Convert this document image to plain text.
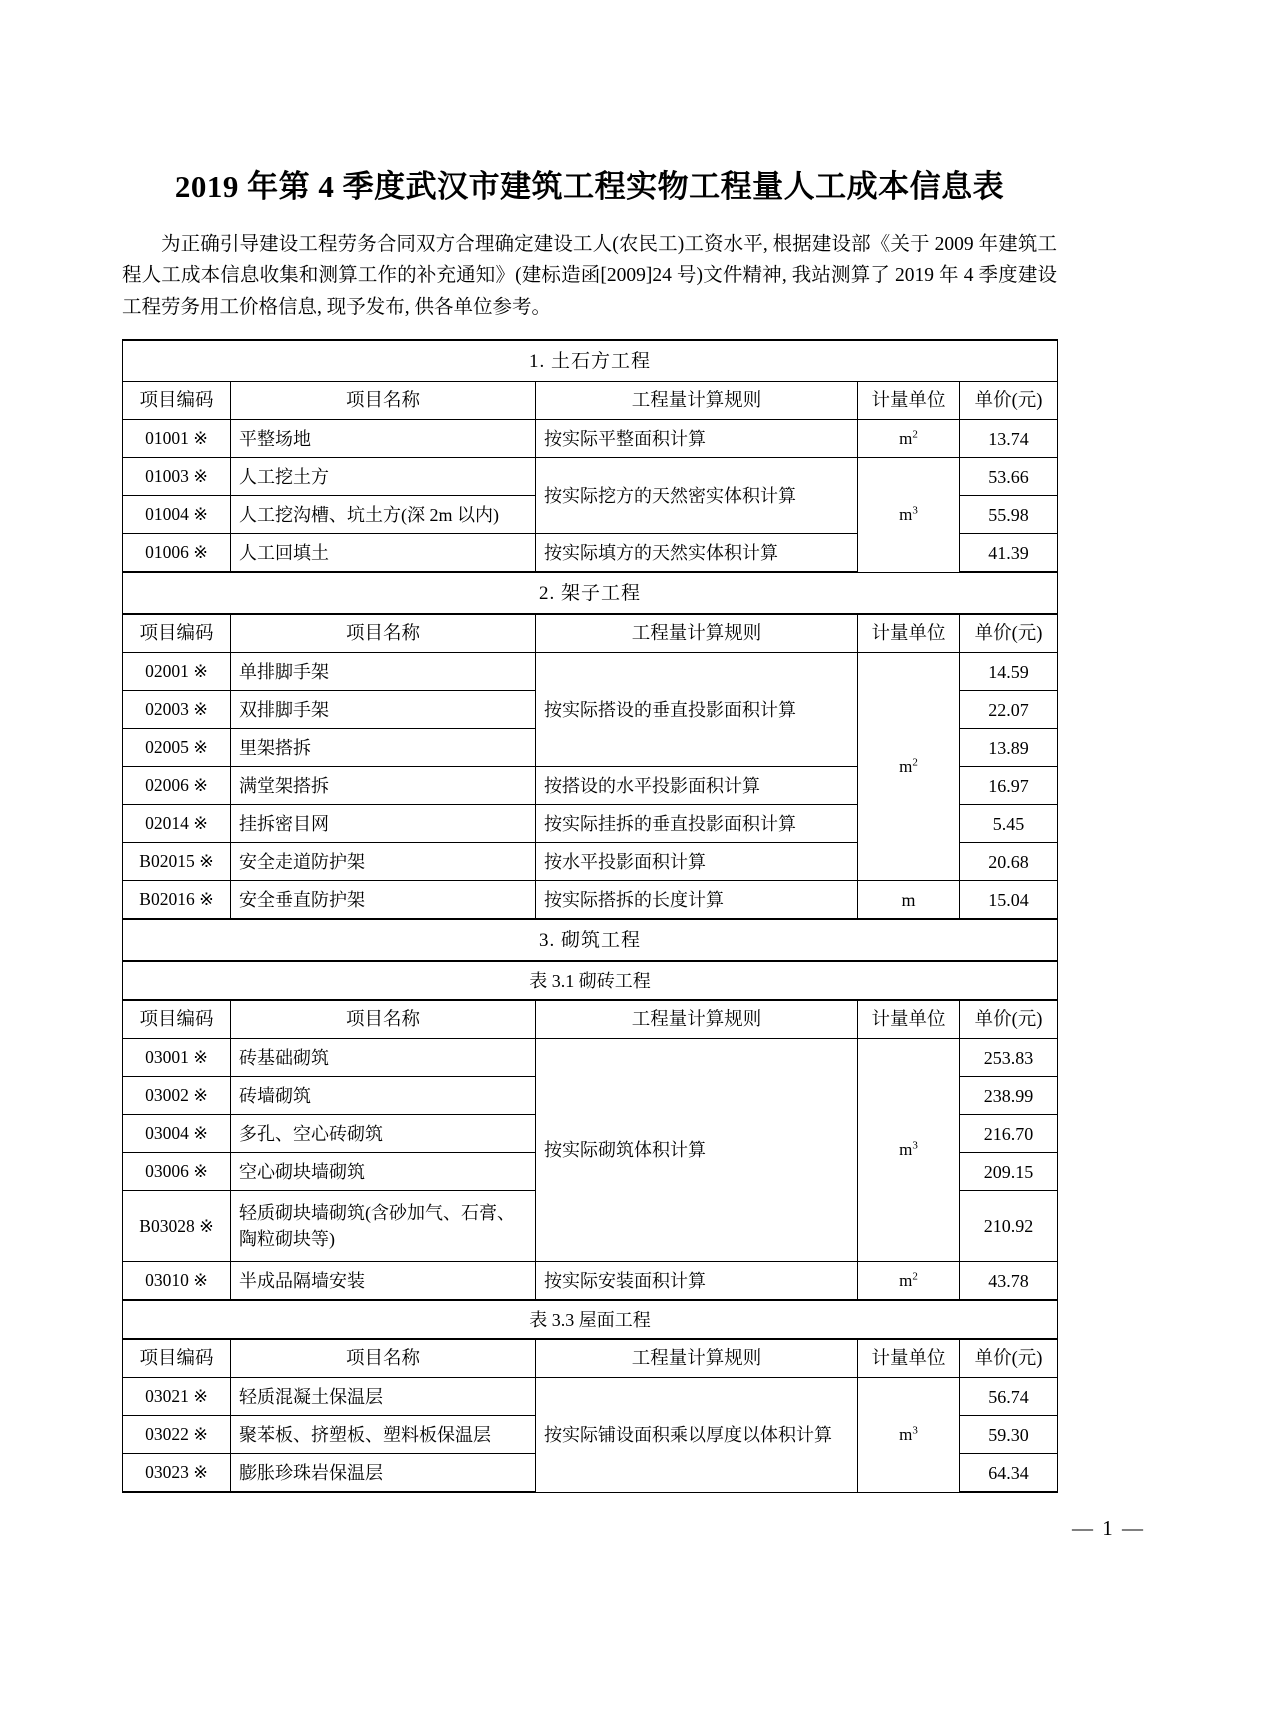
2019 年第 4 季度武汉市建筑工程实物工程量人工成本信息表

为正确引导建设工程劳务合同双方合理确定建设工人(农民工)工资水平, 根据建设部《关于 2009 年建筑工程人工成本信息收集和测算工作的补充通知》(建标造函[2009]24 号)文件精神, 我站测算了 2019 年 4 季度建设工程劳务用工价格信息, 现予发布, 供各单位参考。

1. 土石方工程				
项目编码	项目名称	工程量计算规则	计量单位	单价(元)
01001 ※	平整场地	按实际平整面积计算	$m^2$	13.74
01003 ※	人工挖土方	按实际挖方的天然密实体积计算	$m^3$	53.66
01004 ※	人工挖沟槽、坑土方(深 2m 以内)			55.98
01006 ※	人工回填土	按实际填方的天然实体积计算		41.39
2. 架子工程				
项目编码	项目名称	工程量计算规则	计量单位	单价(元)
02001 ※	单排脚手架	按实际搭设的垂直投影面积计算	$m^2$	14.59
02003 ※	双排脚手架			22.07
02005 ※	里架搭拆			13.89
02006 ※	满堂架搭拆	按搭设的水平投影面积计算		16.97
02014 ※	挂拆密目网	按实际挂拆的垂直投影面积计算		5.45
B02015 ※	安全走道防护架	按水平投影面积计算		20.68
B02016 ※	安全垂直防护架	按实际搭拆的长度计算	m	15.04
3. 砌筑工程				
表 3.1 砌砖工程				
项目编码	项目名称	工程量计算规则	计量单位	单价(元)
03001 ※	砖基础砌筑	按实际砌筑体积计算	$m^3$	253.83
03002 ※	砖墙砌筑			238.99
03004 ※	多孔、空心砖砌筑			216.70
03006 ※	空心砌块墙砌筑			209.15
B03028 ※	轻质砌块墙砌筑(含砂加气、石膏、陶粒砌块等)			210.92
03010 ※	半成品隔墙安装	按实际安装面积计算	$m^2$	43.78
表 3.3 屋面工程				
项目编码	项目名称	工程量计算规则	计量单位	单价(元)
03021 ※	轻质混凝土保温层	按实际铺设面积乘以厚度以体积计算	$m^3$	56.74
03022 ※	聚苯板、挤塑板、塑料板保温层			59.30
03023 ※	膨胀珍珠岩保温层			64.34
— 1 —
